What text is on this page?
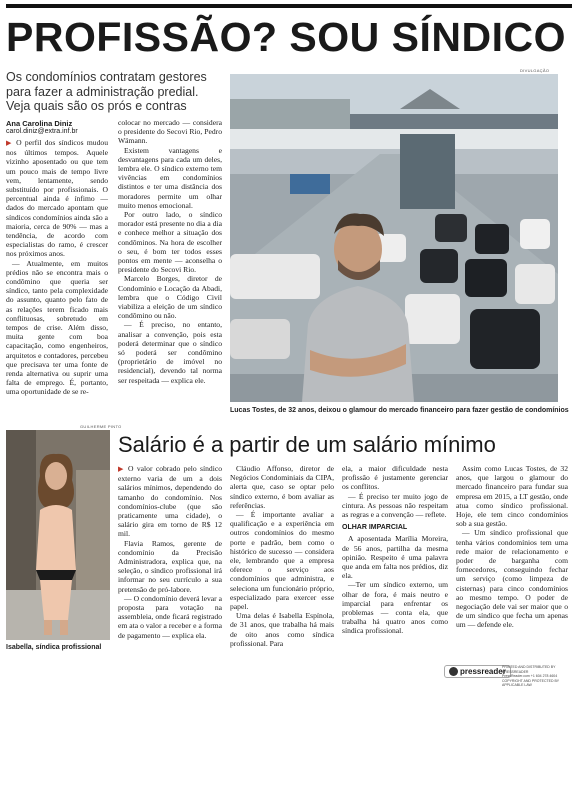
PROFISSÃO? SOU SÍNDICO
Os condomínios contratam gestores para fazer a administração predial. Veja quais são os prós e contras
Ana Carolina Diniz
carol.diniz@extra.inf.br

▶ O perfil dos síndicos mudou nos últimos tempos. Aquele vizinho aposentado ou que tem um pouco mais de tempo livre vem, lentamente, sendo substituído por profissionais. O percentual ainda é ínfimo — dados do mercado apontam que síndicos condomínios ainda são a maioria, cerca de 90% — mas a tendência, de acordo com especialistas do ramo, é crescer nos próximos anos.

— Atualmente, em muitos prédios não se encontra mais o condômino que queria ser síndico, tanto pela complexidade do assunto, quanto pelo fato de as relações terem ficado mais conflituosas, sobretudo em tempos de crise. Além disso, muita gente com boa capacitação, como engenheiros, arquitetos e contadores, percebeu que precisava ter uma fonte de renda alternativa ou suprir uma falta de emprego. É, portanto, uma oportunidade de se re-

colocar no mercado — considera o presidente do Secovi Rio, Pedro Wämann.

Existem vantagens e desvantagens para cada um deles, lembra ele. O síndico externo tem vivências em condomínios distintos e ter uma distância dos moradores permite um olhar muito menos emocional.

Por outro lado, o síndico morador está presente no dia a dia e conhece melhor a situação dos condôminos. Na hora de escolher o seu, é bom ter todos esses pontos em mente — aconselha o presidente do Secovi Rio.

Marcelo Borges, diretor de Condomínio e Locação da Abadi, lembra que o Código Civil viabiliza a eleição de um síndico condômino ou não.

— É preciso, no entanto, analisar a convenção, pois esta poderá determinar que o síndico só poderá ser condômino (proprietário de imóvel no residencial), devendo tal norma ser respeitada — explica ele.

DIVULGAÇÃO
Lucas Tostes, de 32 anos, deixou o glamour do mercado financeiro para fazer gestão de condomínios
GUILHERME PINTO
Isabella, síndica profissional
Salário é a partir de um salário mínimo

▶ O valor cobrado pelo síndico externo varia de um a dois salários mínimos, dependendo do tamanho do condomínio. Nos condomínios-clube (que são praticamente uma cidade), o salário gira em torno de R$ 12 mil.

Flavia Ramos, gerente de condomínio da Precisão Administradora, explica que, na seleção, o síndico profissional irá informar no seu currículo a sua pretensão de pró-labore.

— O condomínio deverá levar a proposta para votação na assembleia, onde ficará registrado em ata o valor a receber e a forma de pagamento — explica ela.

Cláudio Affonso, diretor de Negócios Condominiais da CIPA, alerta que, caso se optar pelo síndico externo, é bom avaliar as referências.

— É importante avaliar a qualificação e a experiência em outros condomínios do mesmo porte e padrão, bem como o histórico de sucesso — considera ele, lembrando que a empresa oferece o serviço aos condomínios que administra, e seleciona um funcionário próprio, especializado para exercer esse papel.

Uma delas é Isabella Espínola, de 31 anos, que trabalha há mais de oito anos como síndica profissional. Para

ela, a maior dificuldade nesta profissão é justamente gerenciar os conflitos.

— É preciso ter muito jogo de cintura. As pessoas não respeitam as regras e a convenção — reflete.

OLHAR IMPARCIAL

A aposentada Marília Moreira, de 56 anos, partilha da mesma opinião. Respeito é uma palavra que anda em falta nos prédios, diz ela.

—Ter um síndico externo, um olhar de fora, é mais neutro e imparcial para enfrentar os problemas — conta ela, que trabalha há quatro anos como síndica profissional.

Assim como Lucas Tostes, de 32 anos, que largou o glamour do mercado financeiro para fundar sua empresa em 2015, a LT gestão, onde atua como síndico profissional. Hoje, ele tem cinco condomínios sob a sua gestão.

— Um síndico profissional que tenha vários condomínios tem uma rede maior de relacionamento e poder de barganha com fornecedores, conseguindo fechar um serviço (como limpeza de cisternas) para cinco condomínios ao mesmo tempo. O poder de negociação dele vai ser maior que o de um síndico que fecha um apenas um — defende ele.

pressreader
PRINTED AND DISTRIBUTED BY PRESSREADER
PressReader.com +1 604 278 4604
COPYRIGHT AND PROTECTED BY APPLICABLE LAW
